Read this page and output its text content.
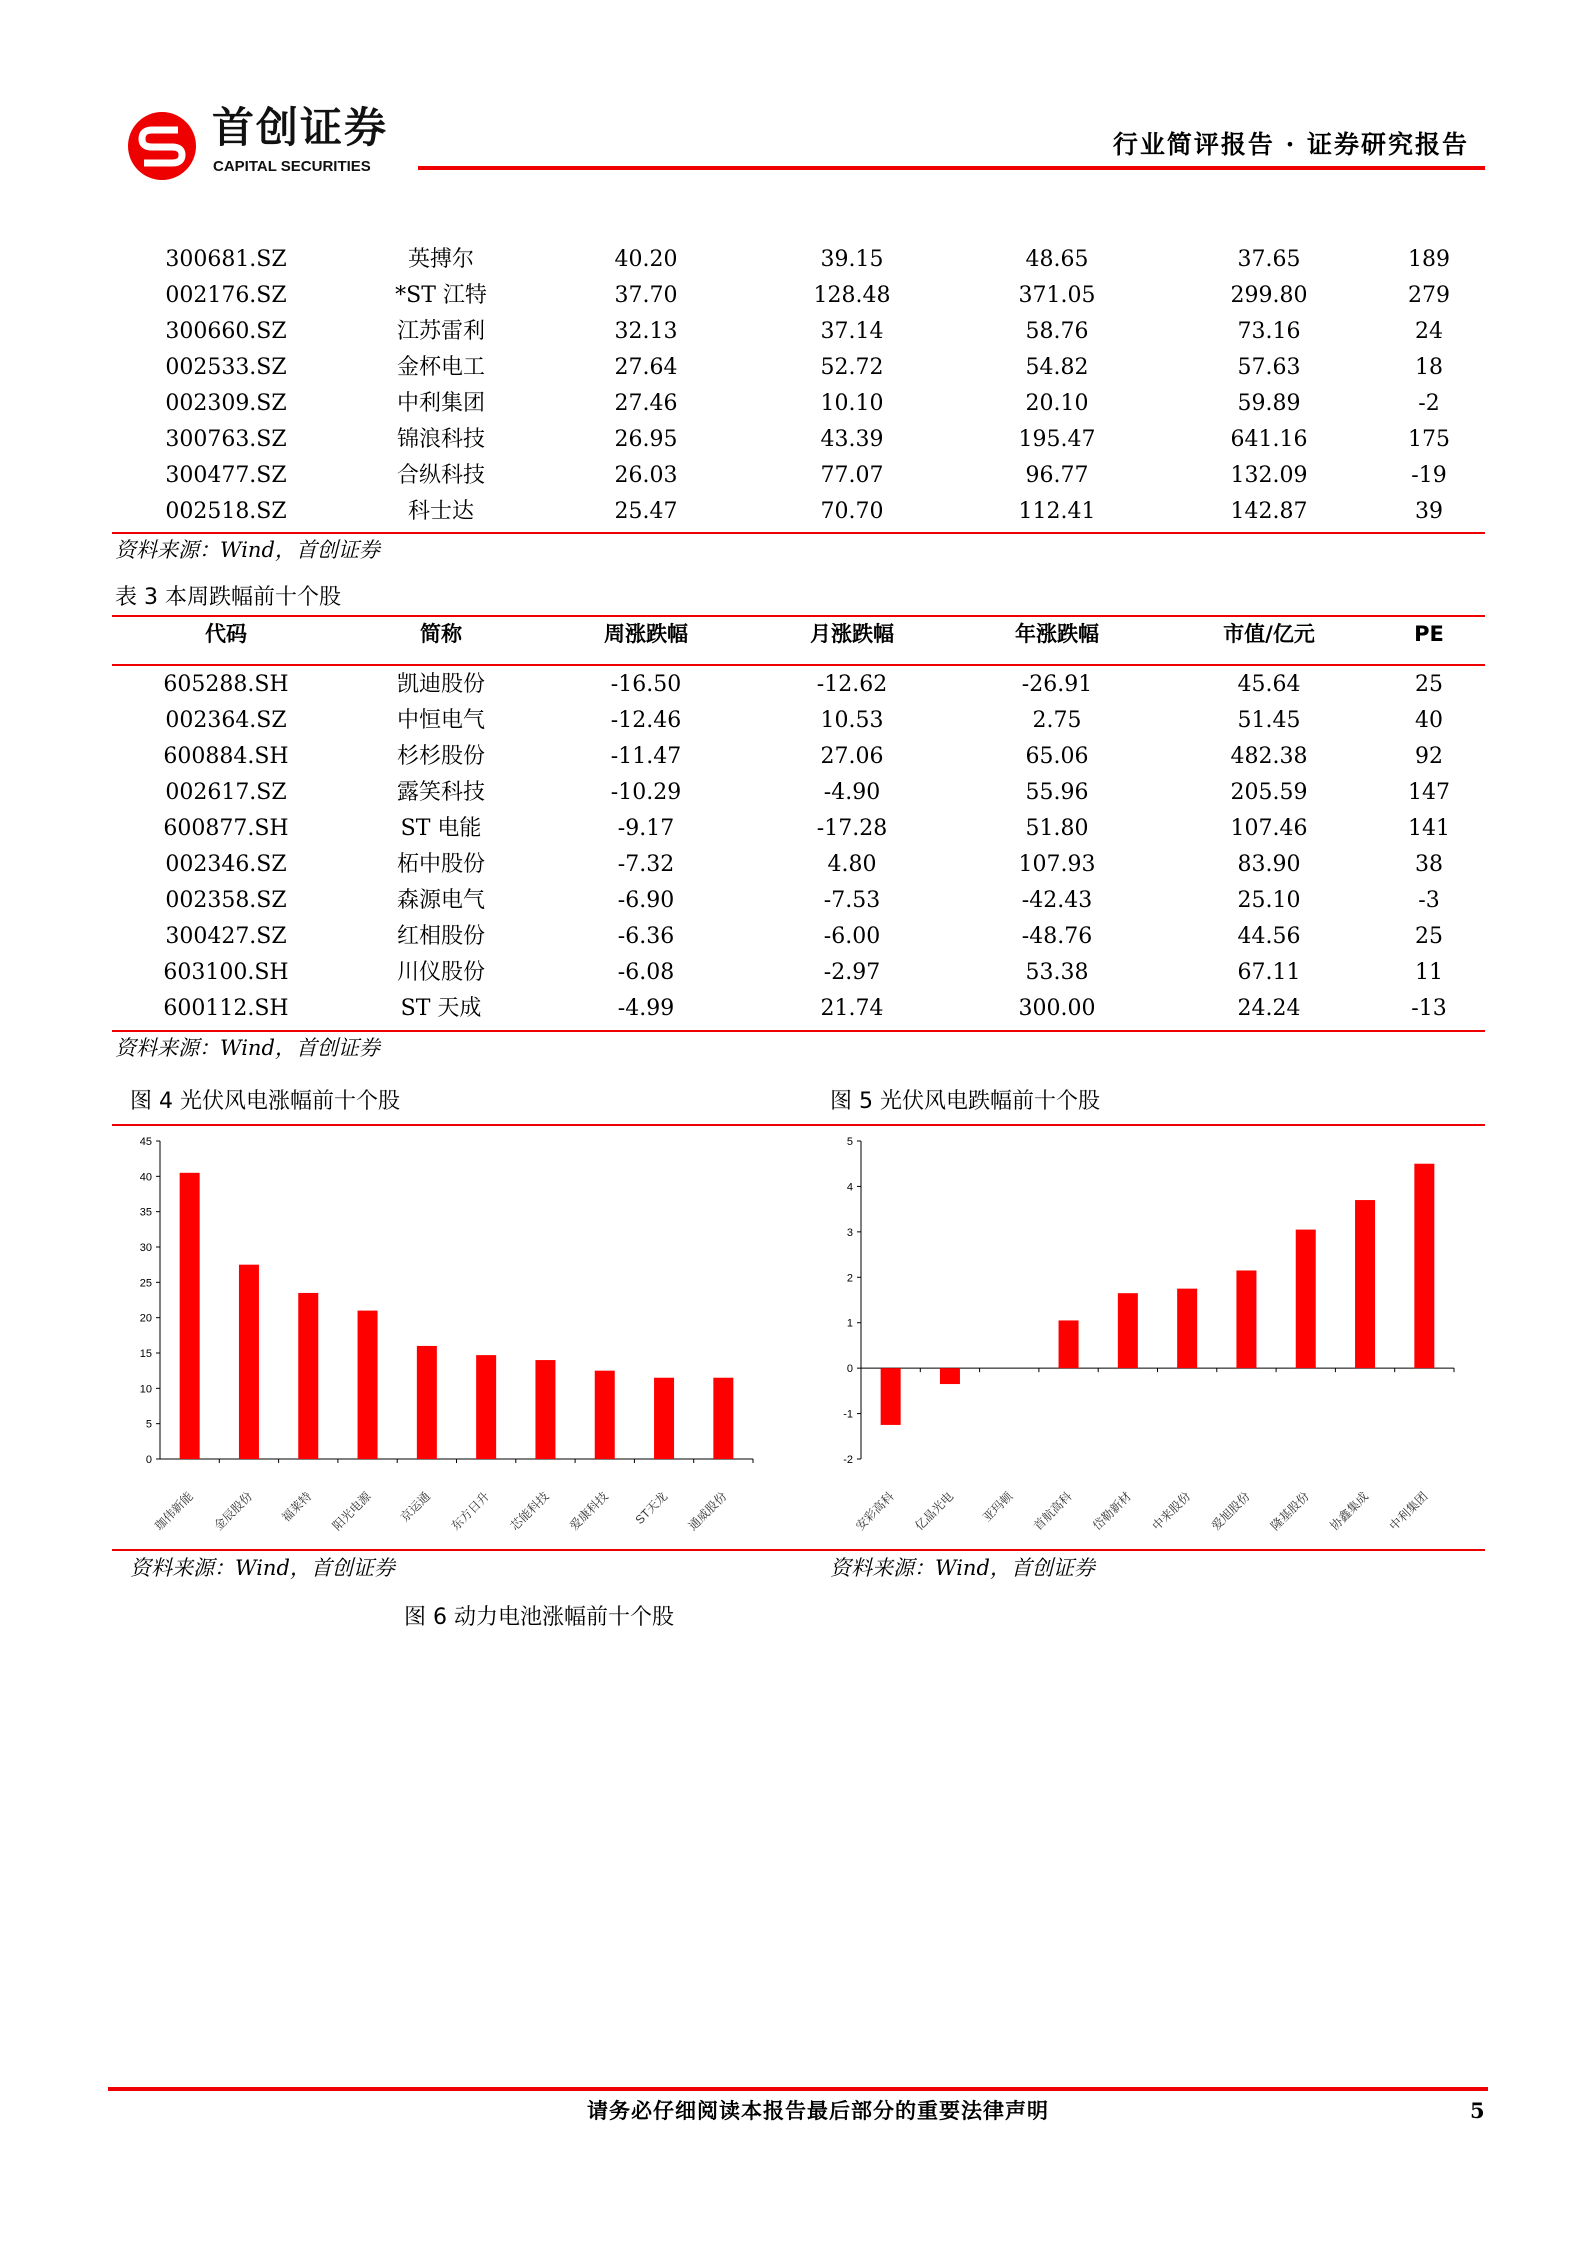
首创证券
CAPITAL SECURITIES
行业简评报告 · 证券研究报告
300681.SZ	英搏尔	40.20	39.15	48.65	37.65	189
002176.SZ	*ST 江特	37.70	128.48	371.05	299.80	279
300660.SZ	江苏雷利	32.13	37.14	58.76	73.16	24
002533.SZ	金杯电工	27.64	52.72	54.82	57.63	18
002309.SZ	中利集团	27.46	10.10	20.10	59.89	-2
300763.SZ	锦浪科技	26.95	43.39	195.47	641.16	175
300477.SZ	合纵科技	26.03	77.07	96.77	132.09	-19
002518.SZ	科士达	25.47	70.70	112.41	142.87	39
资料来源：Wind，首创证券
表 3 本周跌幅前十个股
代码	简称	周涨跌幅	月涨跌幅	年涨跌幅	市值/亿元	PE
605288.SH	凯迪股份	-16.50	-12.62	-26.91	45.64	25
002364.SZ	中恒电气	-12.46	10.53	2.75	51.45	40
600884.SH	杉杉股份	-11.47	27.06	65.06	482.38	92
002617.SZ	露笑科技	-10.29	-4.90	55.96	205.59	147
600877.SH	ST 电能	-9.17	-17.28	51.80	107.46	141
002346.SZ	柘中股份	-7.32	4.80	107.93	83.90	38
002358.SZ	森源电气	-6.90	-7.53	-42.43	25.10	-3
300427.SZ	红相股份	-6.36	-6.00	-48.76	44.56	25
603100.SH	川仪股份	-6.08	-2.97	53.38	67.11	11
600112.SH	ST 天成	-4.99	21.74	300.00	24.24	-13
资料来源：Wind，首创证券
图 4 光伏风电涨幅前十个股	图 5 光伏风电跌幅前十个股
0
5
10
15
20
25
30
35
40
45
珈伟新能 金辰股份 福莱特 阳光电源 京运通 东方日升 芯能科技 爱康科技 ST天龙 通威股份
-2
-1
0
1
2
3
4
5
安彩高科 亿晶光电 亚玛顿 首航高科 岱勒新材 中来股份 爱旭股份 隆基股份 协鑫集成 中利集团
资料来源：Wind，首创证券	资料来源：Wind，首创证券
图 6 动力电池涨幅前十个股
请务必仔细阅读本报告最后部分的重要法律声明	5
